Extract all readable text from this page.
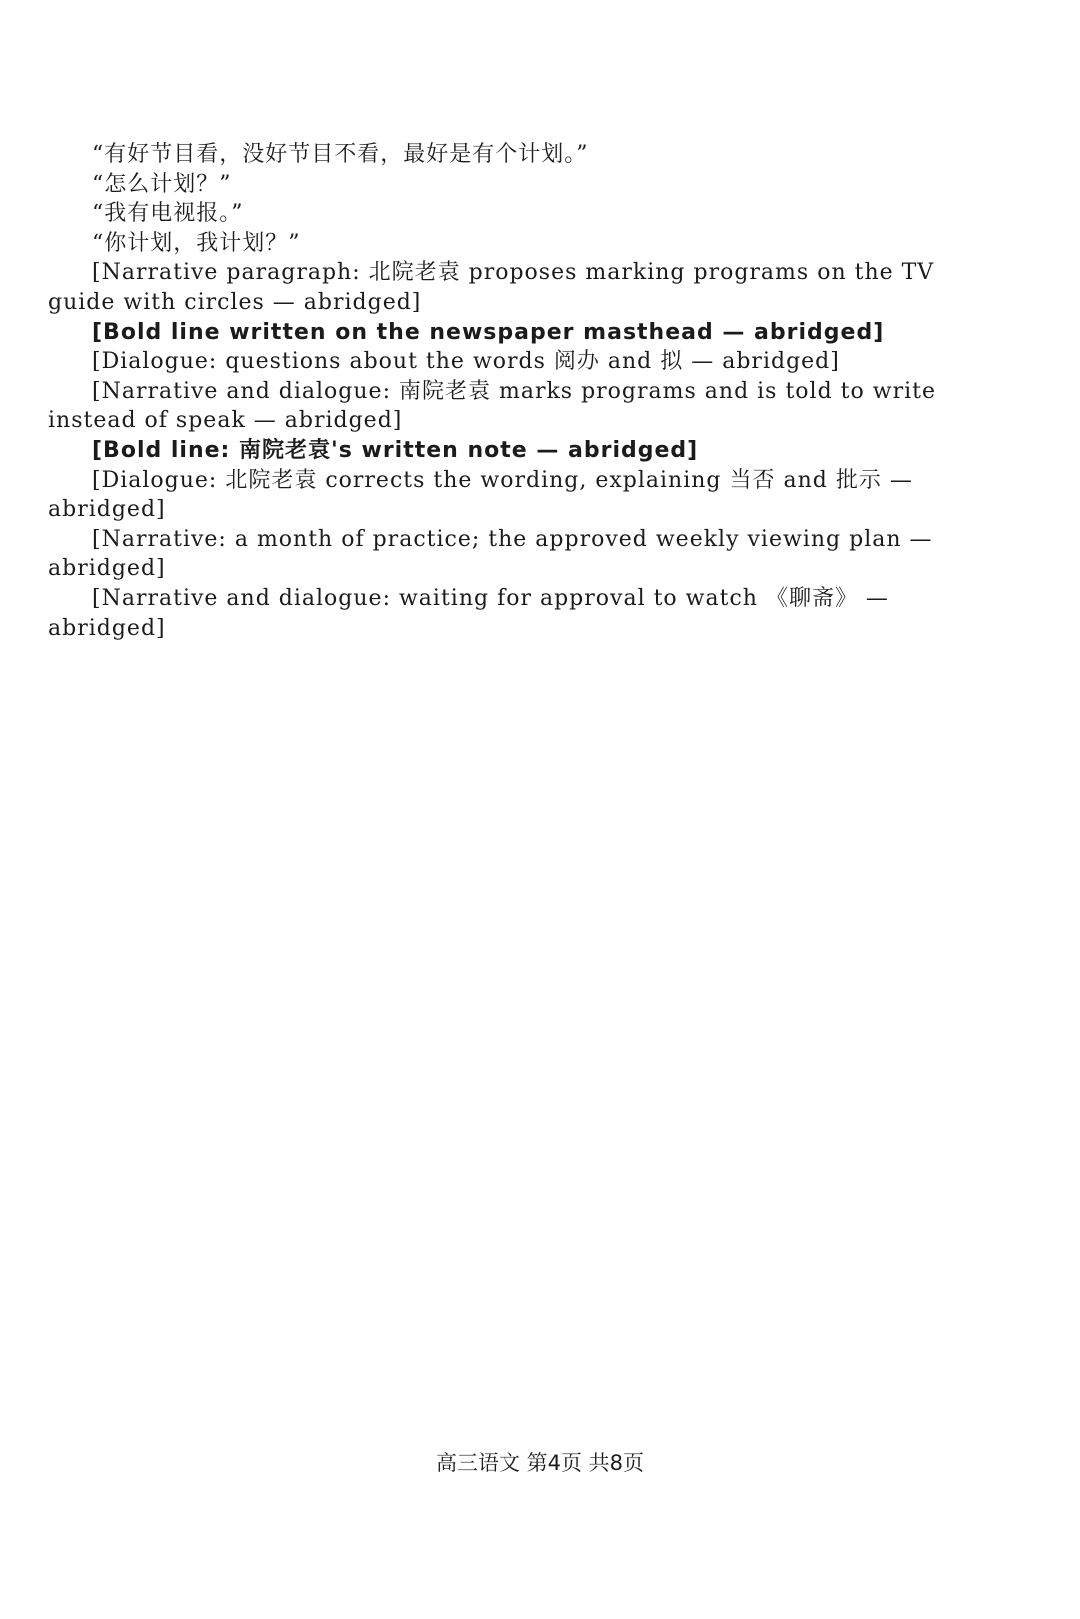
“有好节目看，没好节目不看，最好是有个计划。”

“怎么计划？”

“我有电视报。”

“你计划，我计划？”

[Narrative paragraph: 北院老袁 proposes marking programs on the TV guide with circles — abridged]

[Bold line written on the newspaper masthead — abridged]

[Dialogue: questions about the words 阅办 and 拟 — abridged]

[Narrative and dialogue: 南院老袁 marks programs and is told to write instead of speak — abridged]

[Bold line: 南院老袁's written note — abridged]

[Dialogue: 北院老袁 corrects the wording, explaining 当否 and 批示 — abridged]

[Narrative: a month of practice; the approved weekly viewing plan — abridged]

[Narrative and dialogue: waiting for approval to watch 《聊斋》 — abridged]

高三语文 第4页 共8页
